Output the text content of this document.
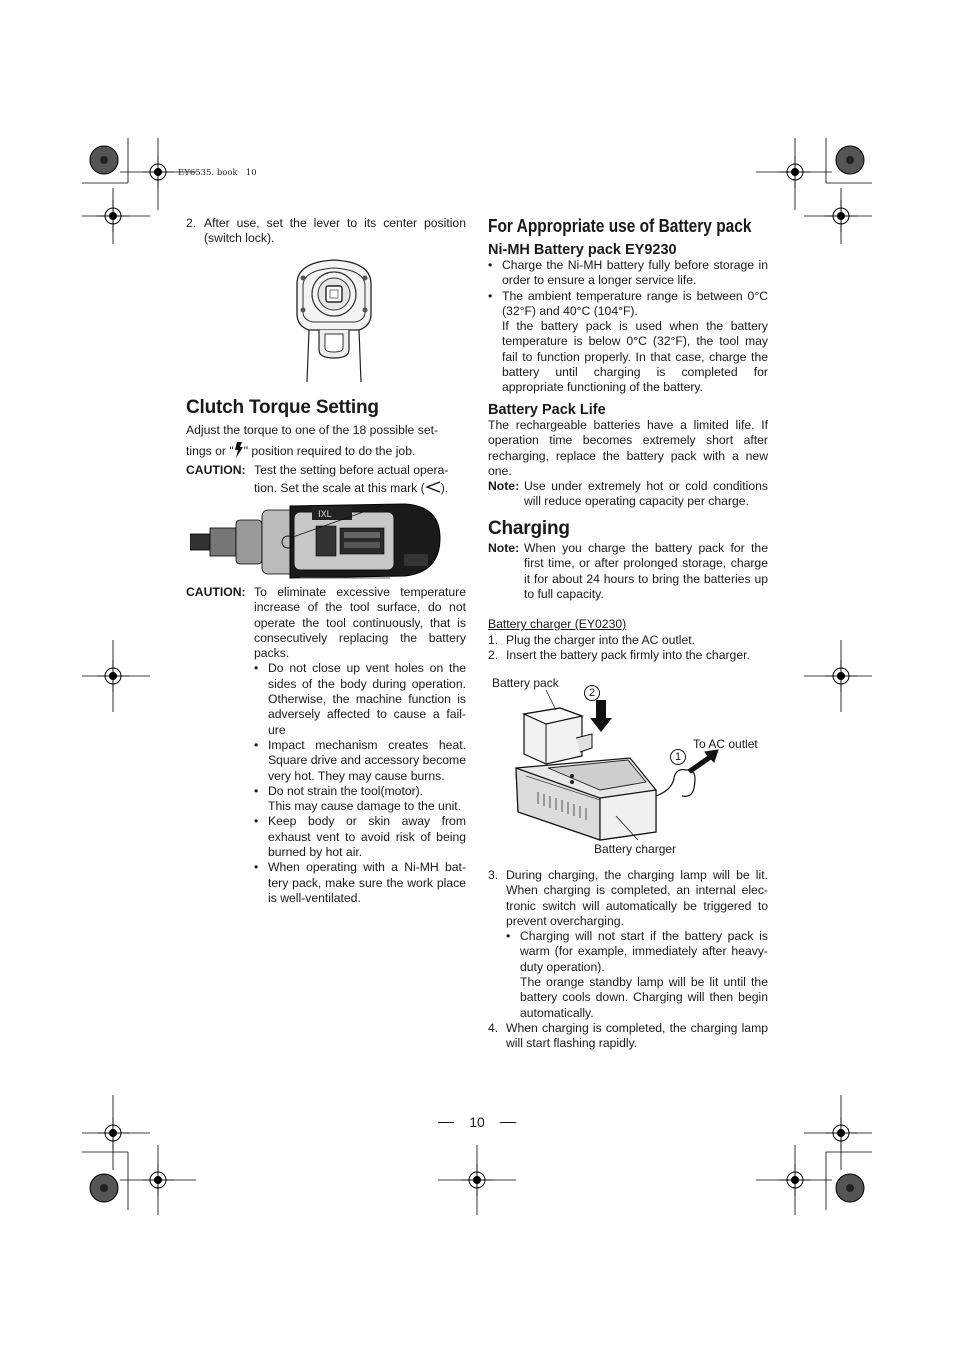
EY6535. book   10
2. After use, set the lever to its center position (switch lock).
Clutch Torque Setting
Adjust the torque to one of the 18 possible set-
tings or " " position required to do the job.
CAUTION: Test the setting before actual opera-
tion. Set the scale at this mark ( ).
ⅠXL
CAUTION: To eliminate excessive temperature increase of the tool surface, do not operate the tool continuously, that is consecutively replacing the battery packs.
• Do not close up vent holes on the sides of the body during operation. Otherwise, the machine function is adversely affected to cause a fail-ure
• Impact mechanism creates heat. Square drive and accessory become very hot. They may cause burns.
• Do not strain the tool(motor).
This may cause damage to the unit.
• Keep body or skin away from exhaust vent to avoid risk of being burned by hot air.
• When operating with a Ni-MH bat-tery pack, make sure the work place is well-ventilated.
For Appropriate use of Battery pack
Ni-MH Battery pack EY9230
• Charge the Ni-MH battery fully before storage in order to ensure a longer service life.
• The ambient temperature range is between 0°C (32°F) and 40°C (104°F).
If the battery pack is used when the battery temperature is below 0°C (32°F), the tool may fail to function properly. In that case, charge the battery until charging is completed for appropriate functioning of the battery.
Battery Pack Life
The rechargeable batteries have a limited life. If operation time becomes extremely short after recharging, replace the battery pack with a new one.
Note: Use under extremely hot or cold conditions will reduce operating capacity per charge.
Charging
Note: When you charge the battery pack for the first time, or after prolonged storage, charge it for about 24 hours to bring the batteries up to full capacity.
Battery charger (EY0230)
1. Plug the charger into the AC outlet.
2. Insert the battery pack firmly into the charger.
Battery pack
2
To AC outlet
1
Battery charger
3. During charging, the charging lamp will be lit. When charging is completed, an internal elec-tronic switch will automatically be triggered to prevent overcharging.
• Charging will not start if the battery pack is warm (for example, immediately after heavy-duty operation).
The orange standby lamp will be lit until the battery cools down. Charging will then begin automatically.
4. When charging is completed, the charging lamp will start flashing rapidly.
10
